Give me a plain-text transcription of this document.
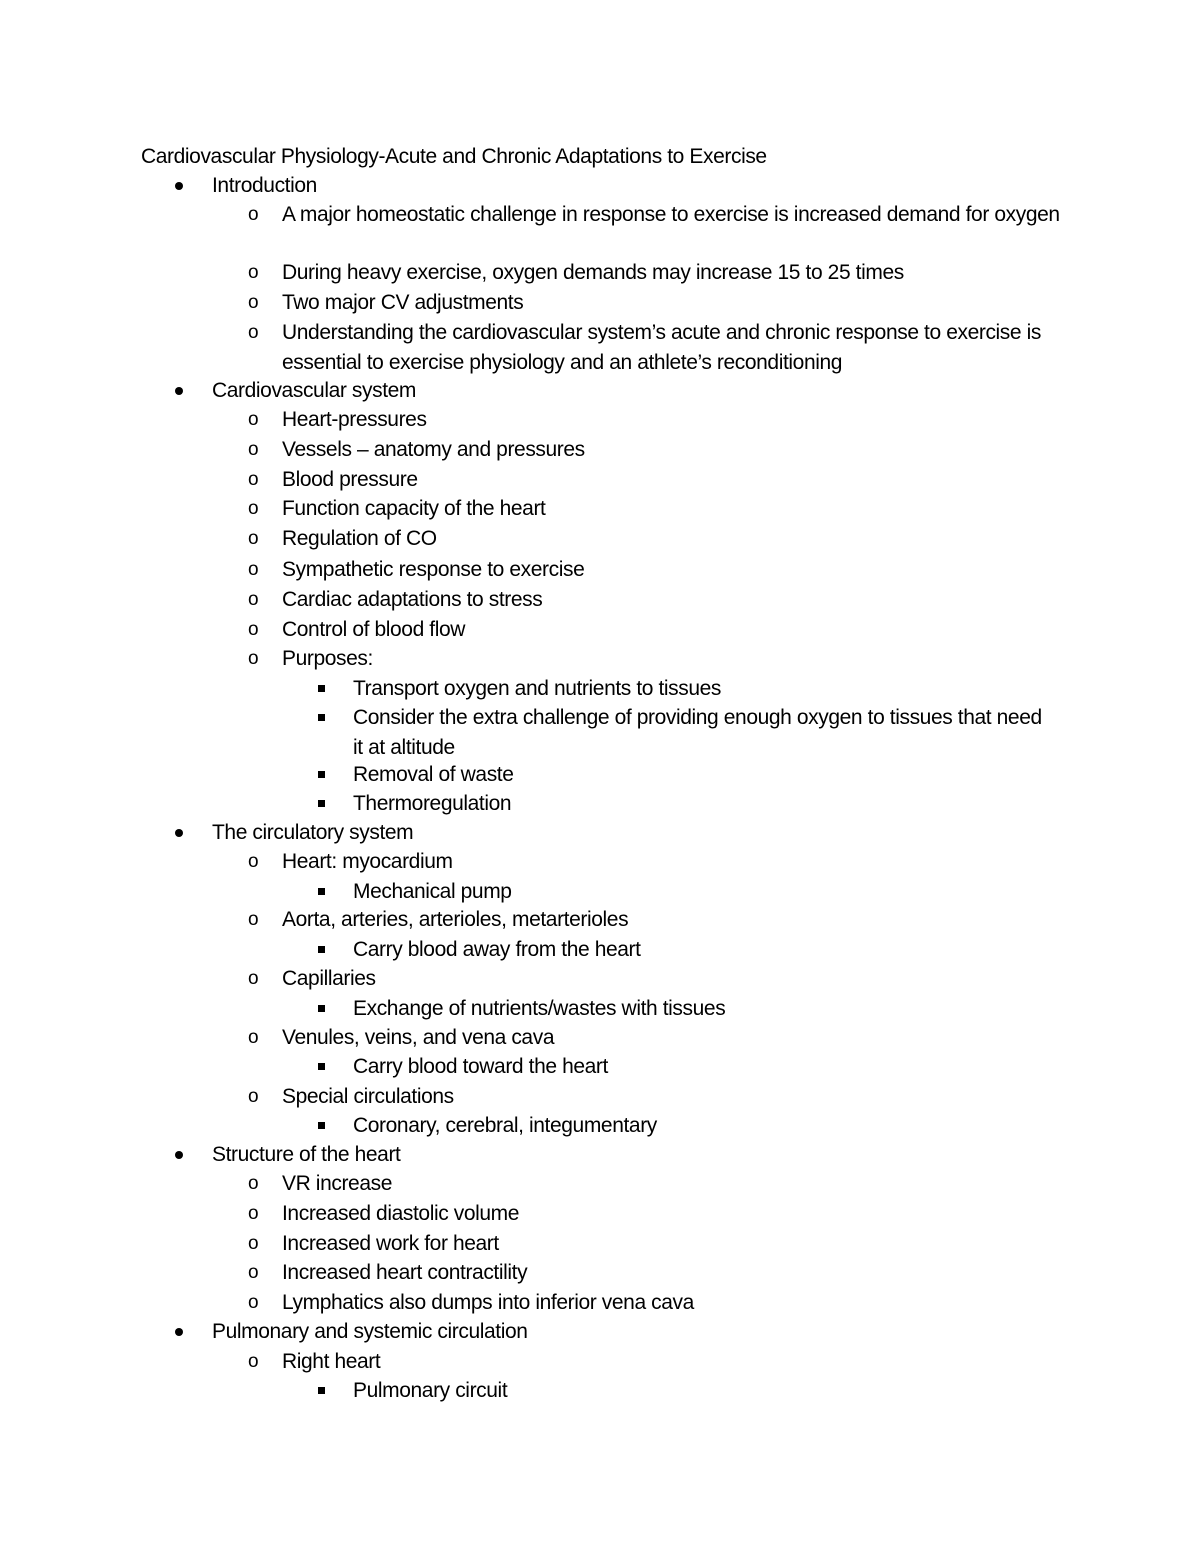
Cardiovascular Physiology-Acute and Chronic Adaptations to Exercise
Introduction
o A major homeostatic challenge in response to exercise is increased demand for oxygen
o During heavy exercise, oxygen demands may increase 15 to 25 times
o Two major CV adjustments
o Understanding the cardiovascular system’s acute and chronic response to exercise is essential to exercise physiology and an athlete’s reconditioning
Cardiovascular system
o Heart-pressures
o Vessels – anatomy and pressures
o Blood pressure
o Function capacity of the heart
o Regulation of CO
o Sympathetic response to exercise
o Cardiac adaptations to stress
o Control of blood flow
o Purposes:
Transport oxygen and nutrients to tissues
Consider the extra challenge of providing enough oxygen to tissues that need it at altitude
Removal of waste
Thermoregulation
The circulatory system
o Heart: myocardium
Mechanical pump
o Aorta, arteries, arterioles, metarterioles
Carry blood away from the heart
o Capillaries
Exchange of nutrients/wastes with tissues
o Venules, veins, and vena cava
Carry blood toward the heart
o Special circulations
Coronary, cerebral, integumentary
Structure of the heart
o VR increase
o Increased diastolic volume
o Increased work for heart
o Increased heart contractility
o Lymphatics also dumps into inferior vena cava
Pulmonary and systemic circulation
o Right heart
Pulmonary circuit
